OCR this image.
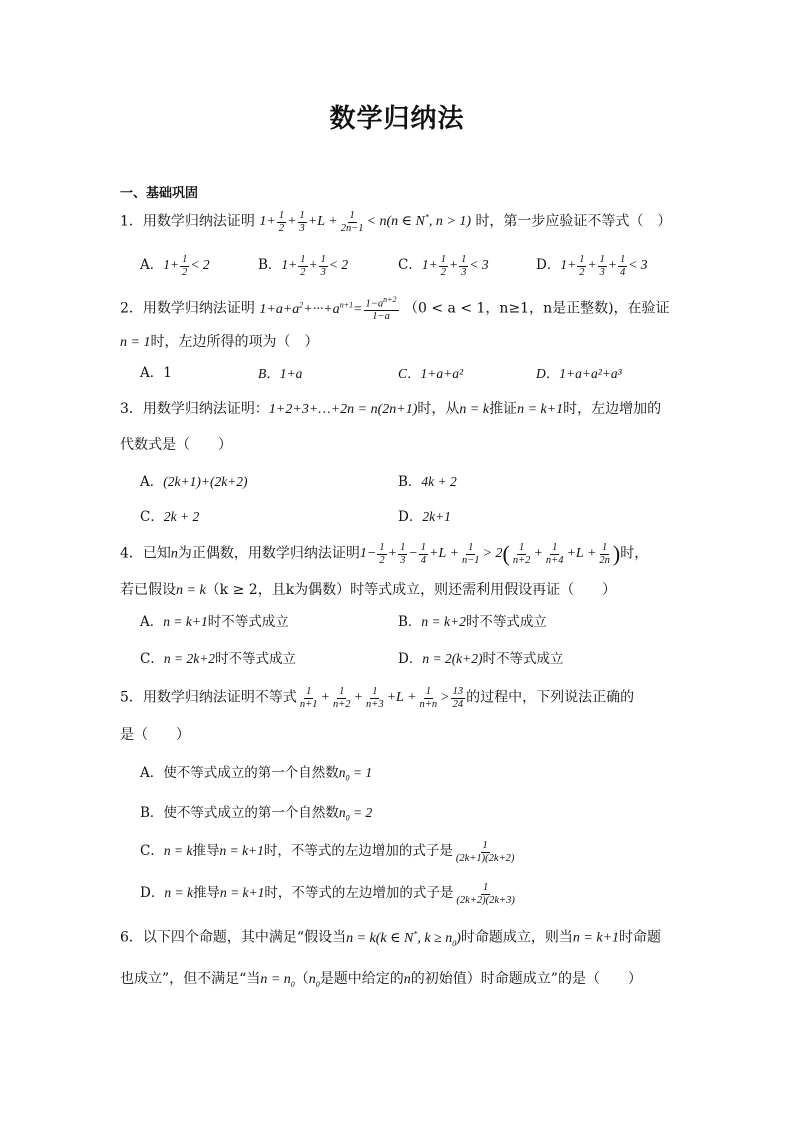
数学归纳法
一、基础巩固
1．用数学归纳法证明 $1+ \frac{1}{2} + \frac{1}{3} +L + \frac{1}{2n-1} < n(n$ ∈ N*, n > 1) 时，第一步应验证不等式（　）
A．$1+ \frac{1}{2} < 2$	B．$1+ \frac{1}{2} + \frac{1}{3} < 2$	C．$1+ \frac{1}{2} + \frac{1}{3} < 3$	D．$1+ \frac{1}{2} + \frac{1}{3} + \frac{1}{4} < 3$
2．用数学归纳法证明 $1+a+a^2+\cdot\cdot\cdot+a^{n+1}= \frac{1-a^{n+2}}{1-a} (0 < a < 1$，n≥1，n是正整数)，在验证
n = 1时，左边所得的项为（　）
A．1	B．1+a	C．1+a+a²	D．1+a+a²+a³
3．用数学归纳法证明：1+2+3+…+2n = n(2n+1)时，从n = k推证n = k+1时，左边增加的
代数式是（　　）
A．(2k+1)+(2k+2)	B．4k + 2
C．2k + 2	D．2k+1
4．已知n为正偶数，用数学归纳法证明$1- \frac{1}{2} + \frac{1}{3} - \frac{1}{4} +L + \frac{1}{n-1} > 2( \frac{1}{n+2} + \frac{1}{n+4} +L + \frac{1}{2n}$ )时，
若已假设n = k（k ≥ 2，且k为偶数）时等式成立，则还需利用假设再证（　　）
A．n = k+1时不等式成立	B．n = k+2时不等式成立
C．n = 2k+2时不等式成立	D．n = 2(k+2)时不等式成立
5．用数学归纳法证明不等式 $\frac{1}{n+1} + \frac{1}{n+2} + \frac{1}{n+3} +L + \frac{1}{n+n} > \frac{13}{24}$ 的过程中，下列说法正确的
是（　　）
A．使不等式成立的第一个自然数$n_0 = 1$
B．使不等式成立的第一个自然数$n_0 = 2$
C．n = k推导n = k+1时，不等式的左边增加的式子是 $\frac{1}{(2k+1)(2k+2)}$
D．n = k推导n = k+1时，不等式的左边增加的式子是 $\frac{1}{(2k+2)(2k+3)}$
6．以下四个命题，其中满足“假设当n = k(k ∈ N*, $k \ge n_0$)时命题成立，则当n = k+1时命题
也成立”，但不满足“当$n = n_0(n_0$是题中给定的n的初始值）时命题成立”的是（　　）
